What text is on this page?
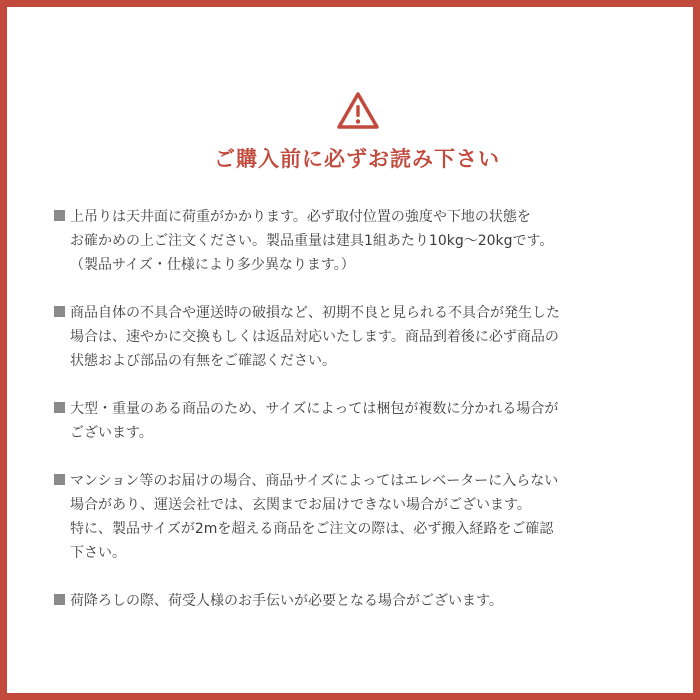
ご購入前に必ずお読み下さい
上吊りは天井面に荷重がかかります。必ず取付位置の強度や下地の状態を
お確かめの上ご注文ください。製品重量は建具1組あたり10kg〜20kgです。
（製品サイズ・仕様により多少異なります。）
商品自体の不具合や運送時の破損など、初期不良と見られる不具合が発生した
場合は、速やかに交換もしくは返品対応いたします。商品到着後に必ず商品の
状態および部品の有無をご確認ください。
大型・重量のある商品のため、サイズによっては梱包が複数に分かれる場合が
ございます。
マンション等のお届けの場合、商品サイズによってはエレベーターに入らない
場合があり、運送会社では、玄関までお届けできない場合がございます。
特に、製品サイズが2mを超える商品をご注文の際は、必ず搬入経路をご確認
下さい。
荷降ろしの際、荷受人様のお手伝いが必要となる場合がございます。
